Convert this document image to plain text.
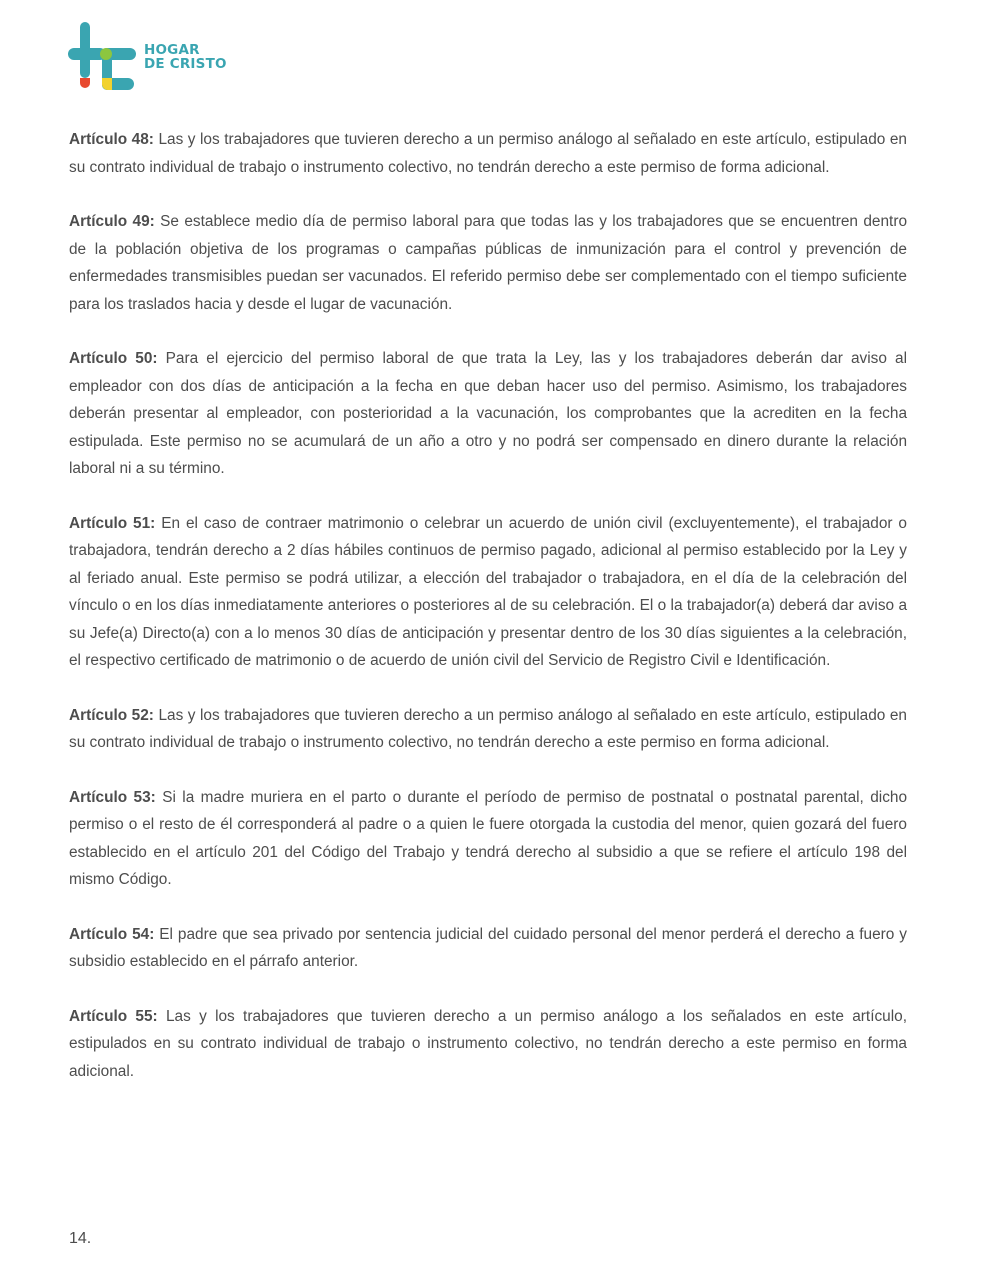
HOGAR
DE CRISTO

Artículo 48: Las y los trabajadores que tuvieren derecho a un permiso análogo al señalado en este artículo, estipulado en su contrato individual de trabajo o instrumento colectivo, no tendrán derecho a este permiso de forma adicional.

Artículo 49: Se establece medio día de permiso laboral para que todas las y los trabajadores que se encuentren dentro de la población objetiva de los programas o campañas públicas de inmunización para el control y prevención de enfermedades transmisibles puedan ser vacunados. El referido permiso debe ser complementado con el tiempo suficiente para los traslados hacia y desde el lugar de vacunación.

Artículo 50: Para el ejercicio del permiso laboral de que trata la Ley, las y los trabajadores deberán dar aviso al empleador con dos días de anticipación a la fecha en que deban hacer uso del permiso. Asimismo, los trabajadores deberán presentar al empleador, con posterioridad a la vacunación, los comprobantes que la acrediten en la fecha estipulada. Este permiso no se acumulará de un año a otro y no podrá ser compensado en dinero durante la relación laboral ni a su término.

Artículo 51: En el caso de contraer matrimonio o celebrar un acuerdo de unión civil (excluyentemente), el trabajador o trabajadora, tendrán derecho a 2 días hábiles continuos de permiso pagado, adicional al permiso establecido por la Ley y al feriado anual. Este permiso se podrá utilizar, a elección del trabajador o trabajadora, en el día de la celebración del vínculo o en los días inmediatamente anteriores o posteriores al de su celebración. El o la trabajador(a) deberá dar aviso a su Jefe(a) Directo(a) con a lo menos 30 días de anticipación y presentar dentro de los 30 días siguientes a la celebración, el respectivo certificado de matrimonio o de acuerdo de unión civil del Servicio de Registro Civil e Identificación.

Artículo 52: Las y los trabajadores que tuvieren derecho a un permiso análogo al señalado en este artículo, estipulado en su contrato individual de trabajo o instrumento colectivo, no tendrán derecho a este permiso en forma adicional.

Artículo 53: Si la madre muriera en el parto o durante el período de permiso de postnatal o postnatal parental, dicho permiso o el resto de él corresponderá al padre o a quien le fuere otorgada la custodia del menor, quien gozará del fuero establecido en el artículo 201 del Código del Trabajo y tendrá derecho al subsidio a que se refiere el artículo 198 del mismo Código.

Artículo 54: El padre que sea privado por sentencia judicial del cuidado personal del menor perderá el derecho a fuero y subsidio establecido en el párrafo anterior.

Artículo 55: Las y los trabajadores que tuvieren derecho a un permiso análogo a los señalados en este artículo, estipulados en su contrato individual de trabajo o instrumento colectivo, no tendrán derecho a este permiso en forma adicional.

14.
